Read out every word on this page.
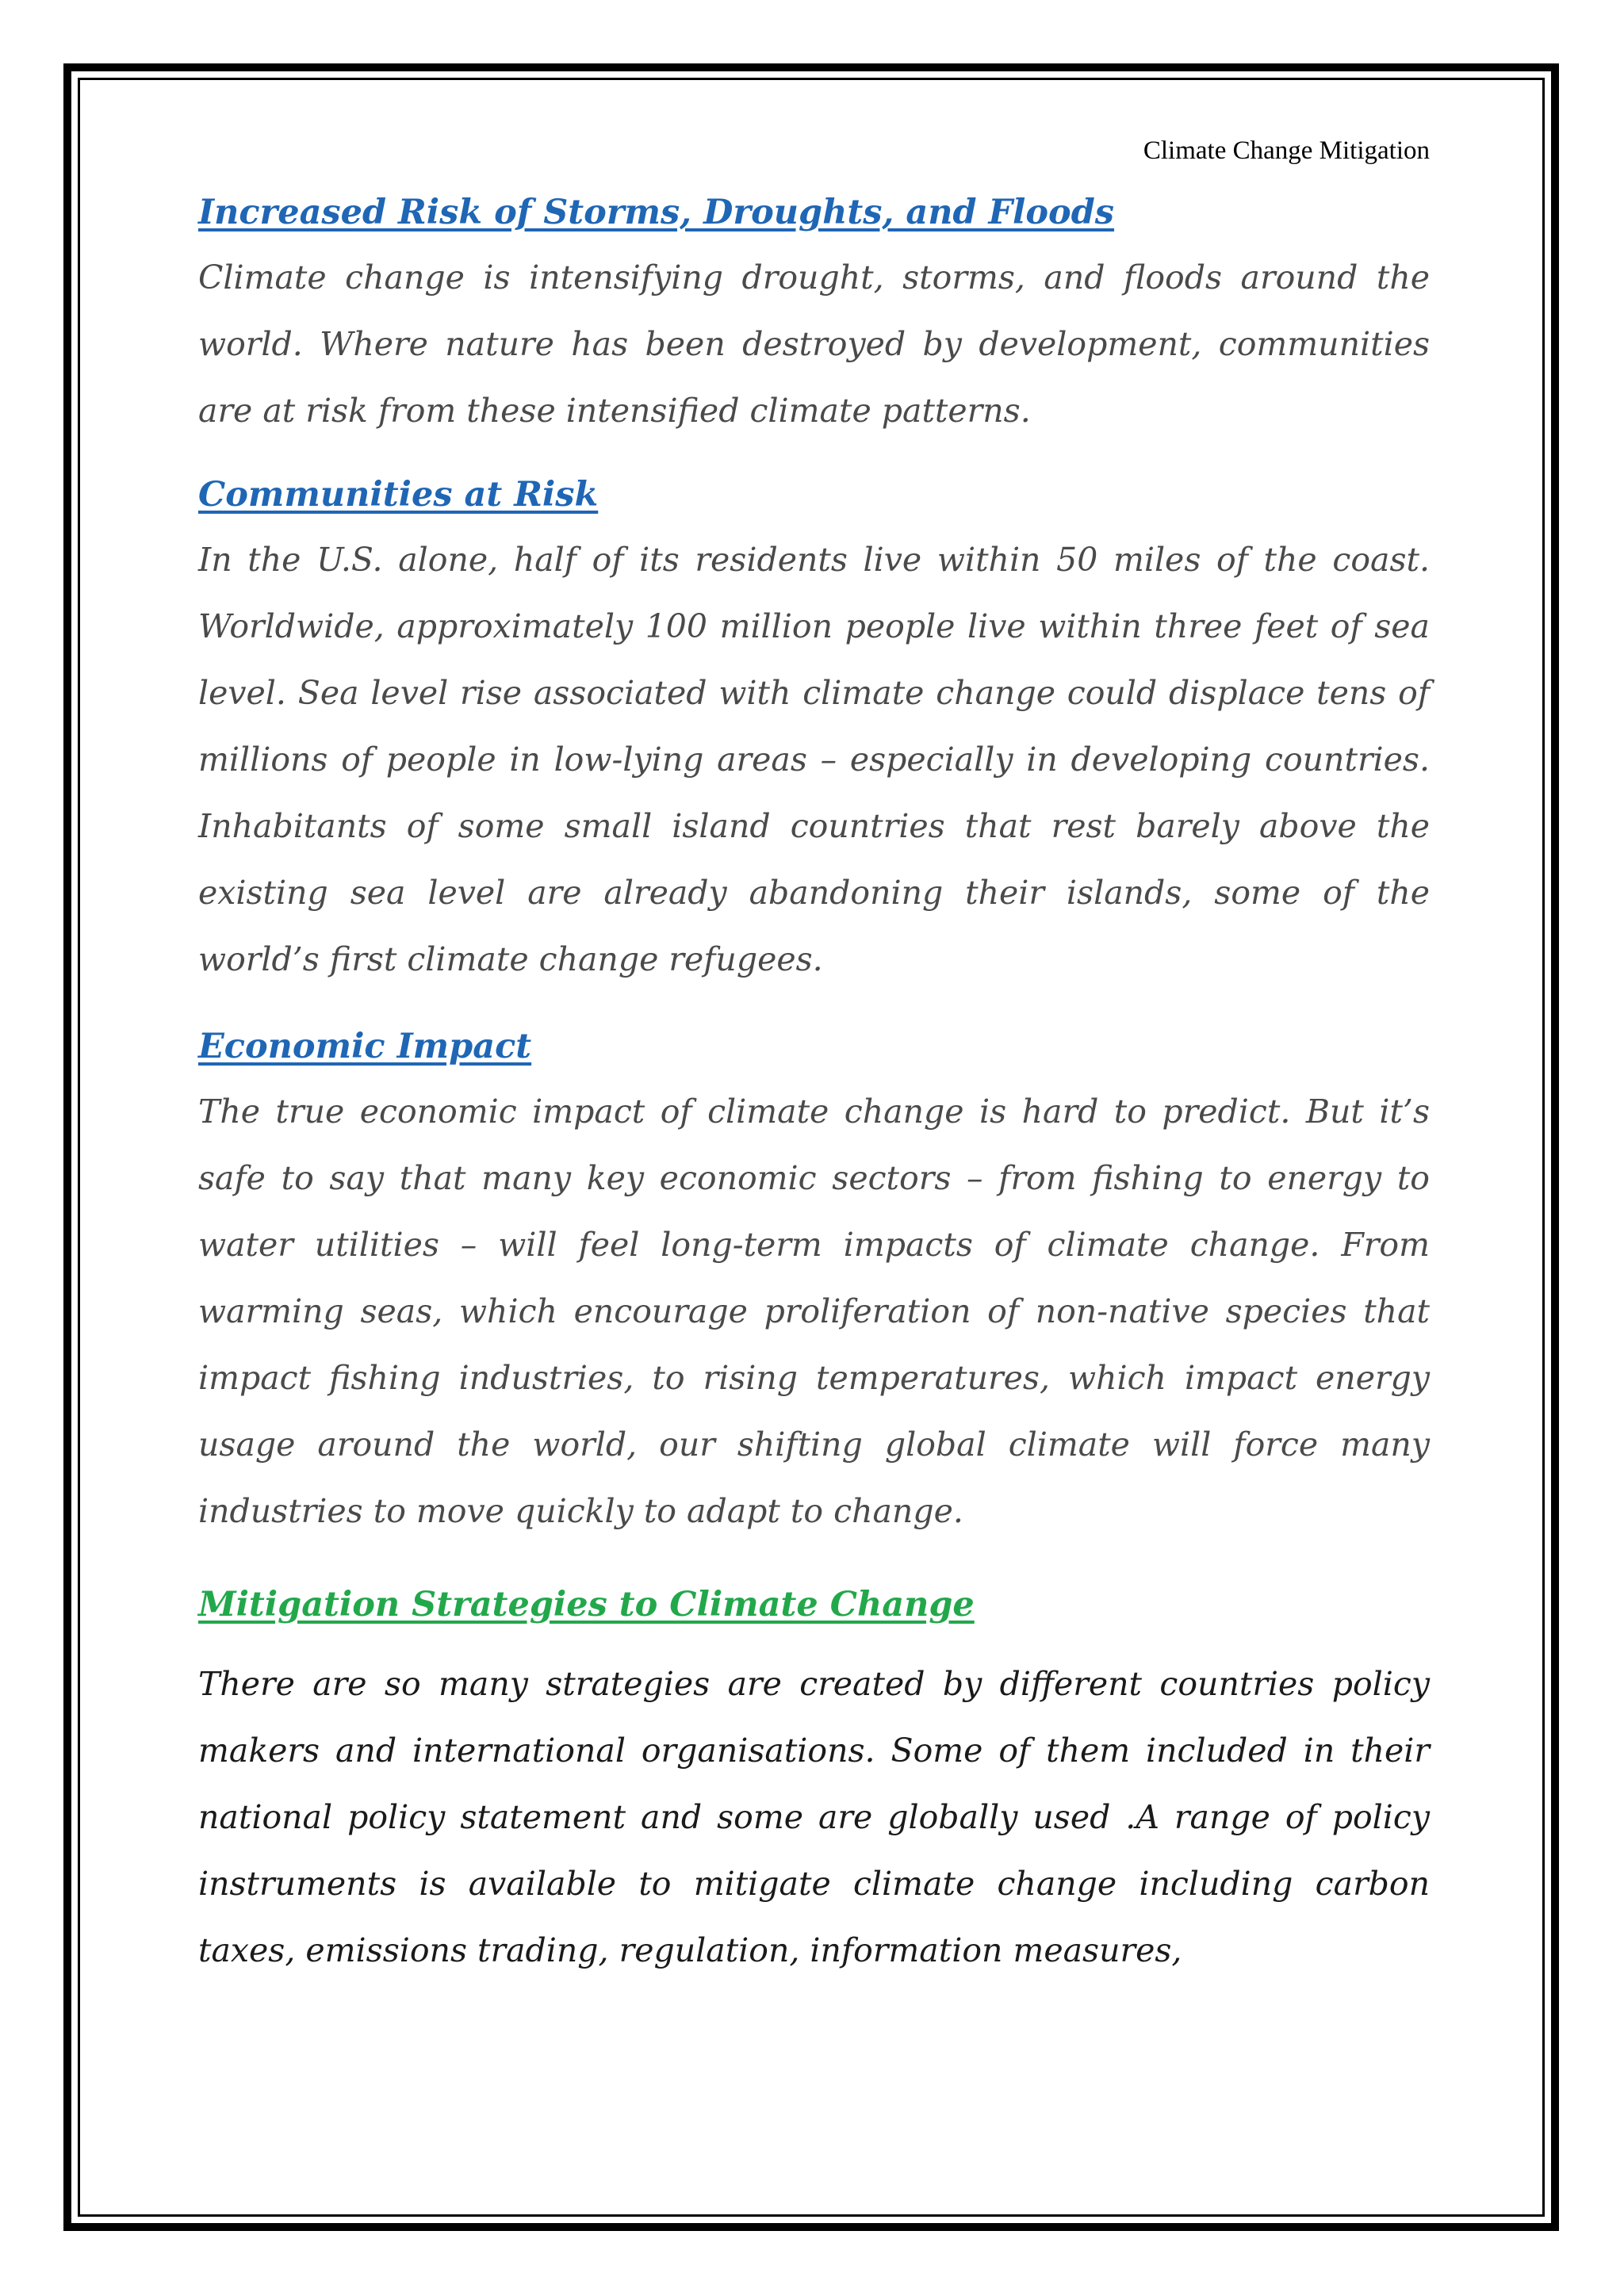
Climate Change Mitigation
Increased Risk of Storms, Droughts, and Floods

Climate change is intensifying drought, storms, and floods around the world. Where nature has been destroyed by development, communities are at risk from these intensified climate patterns.

Communities at Risk

In the U.S. alone, half of its residents live within 50 miles of the coast. Worldwide, approximately 100 million people live within three feet of sea level. Sea level rise associated with climate change could displace tens of millions of people in low-lying areas – especially in developing countries. Inhabitants of some small island countries that rest barely above the existing sea level are already abandoning their islands, some of the world’s first climate change refugees.

Economic Impact

The true economic impact of climate change is hard to predict. But it’s safe to say that many key economic sectors – from fishing to energy to water utilities – will feel long-term impacts of climate change. From warming seas, which encourage proliferation of non-native species that impact fishing industries, to rising temperatures, which impact energy usage around the world, our shifting global climate will force many industries to move quickly to adapt to change.

Mitigation Strategies to Climate Change

There are so many strategies are created by different countries policy makers and international organisations. Some of them included in their national policy statement and some are globally used .A range of policy instruments is available to mitigate climate change including carbon taxes, emissions trading, regulation, information measures,
